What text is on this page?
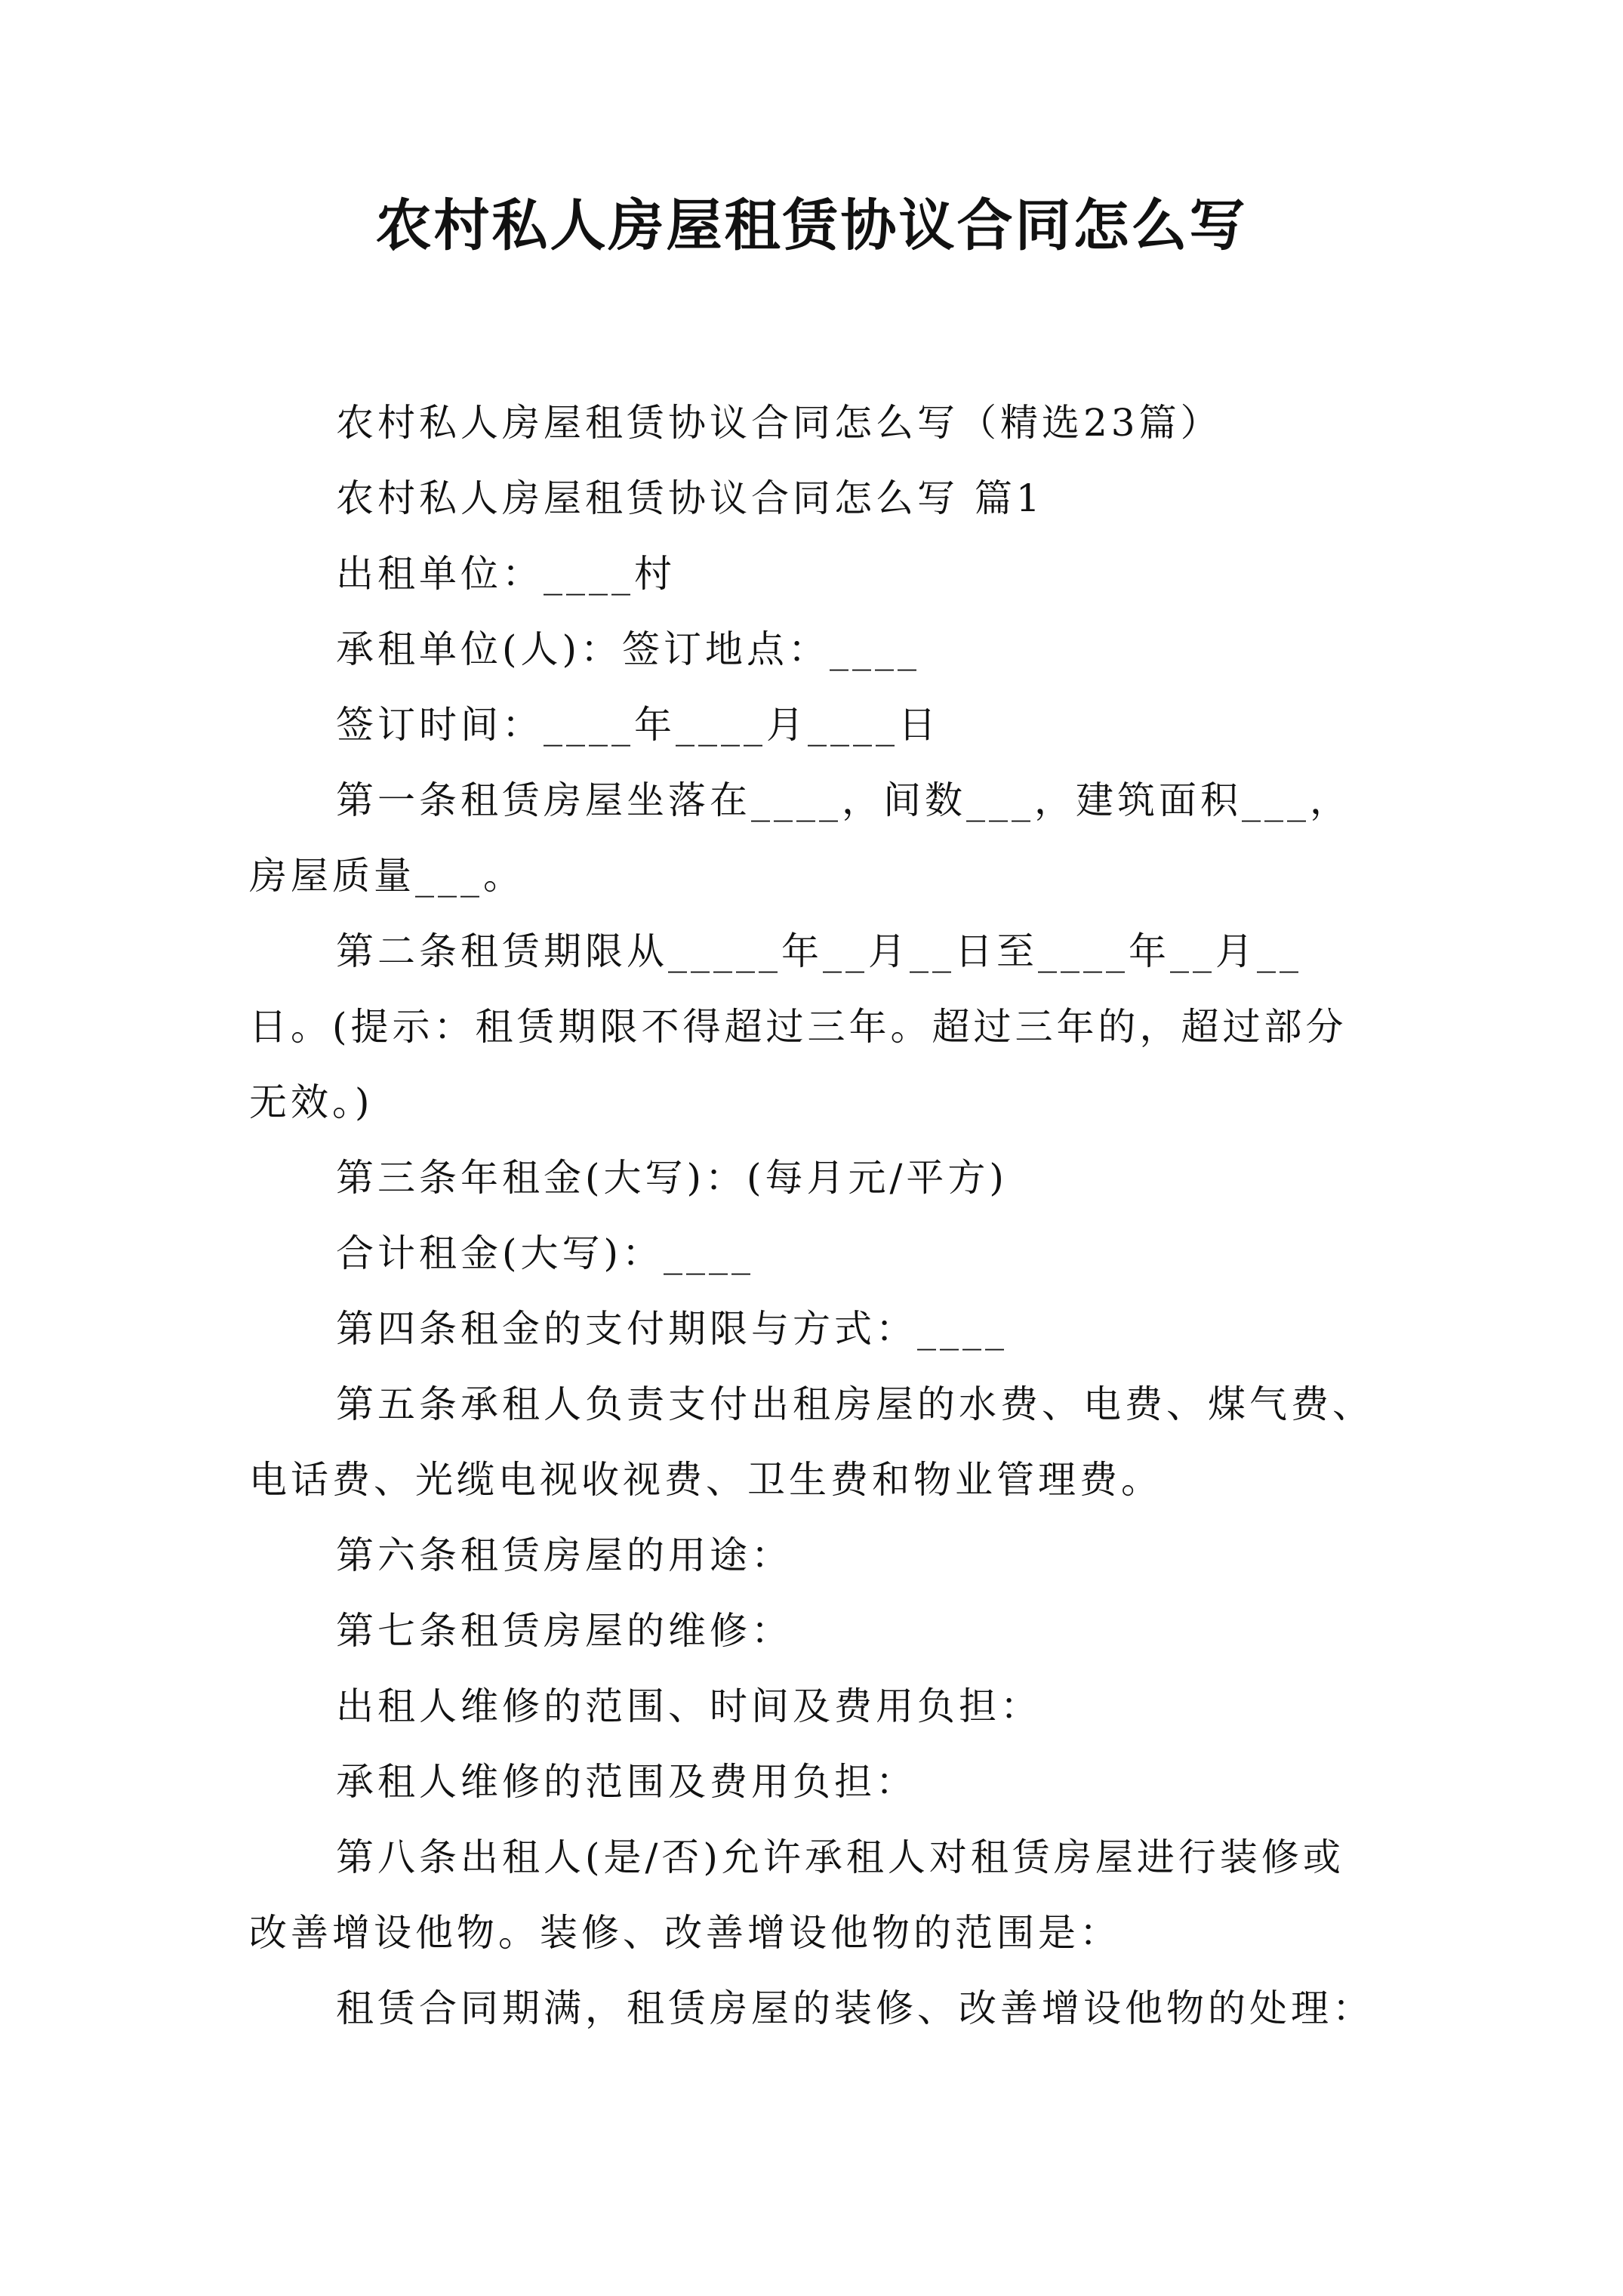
农村私人房屋租赁协议合同怎么写

农村私人房屋租赁协议合同怎么写（精选23篇）

农村私人房屋租赁协议合同怎么写 篇1

出租单位：____村

承租单位(人)：签订地点：____

签订时间：____年____月____日

第一条租赁房屋坐落在____，间数___，建筑面积___，房屋质量___。

第二条租赁期限从_____年__月__日至____年__月__日。(提示：租赁期限不得超过三年。超过三年的，超过部分无效。)

第三条年租金(大写)：(每月元/平方)

合计租金(大写)：____

第四条租金的支付期限与方式：____

第五条承租人负责支付出租房屋的水费、电费、煤气费、电话费、光缆电视收视费、卫生费和物业管理费。

第六条租赁房屋的用途：

第七条租赁房屋的维修：

出租人维修的范围、时间及费用负担：

承租人维修的范围及费用负担：

第八条出租人(是/否)允许承租人对租赁房屋进行装修或改善增设他物。装修、改善增设他物的范围是：

租赁合同期满，租赁房屋的装修、改善增设他物的处理：
